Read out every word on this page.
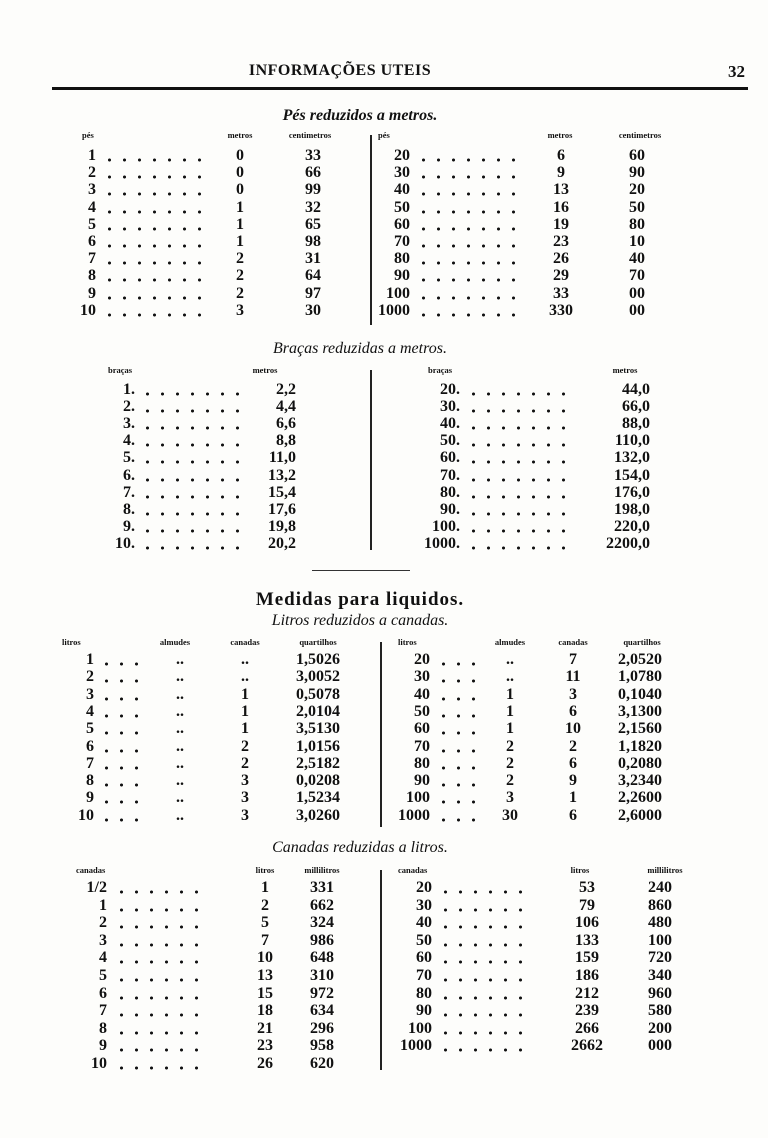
INFORMAÇÕES UTEIS	32
Pés reduzidos a metros.
pés	metros	centimetros
1	0	33
2	0	66
3	0	99
4	1	32
5	1	65
6	1	98
7	2	31
8	2	64
9	2	97
10	3	30
pés	metros	centimetros
20	6	60
30	9	90
40	13	20
50	16	50
60	19	80
70	23	10
80	26	40
90	29	70
100	33	00
1000	330	00
Braças reduzidas a metros.
braças	metros
1.	2,2
2.	4,4
3.	6,6
4.	8,8
5.	11,0
6.	13,2
7.	15,4
8.	17,6
9.	19,8
10.	20,2
braças	metros
20.	44,0
30.	66,0
40.	88,0
50.	110,0
60.	132,0
70.	154,0
80.	176,0
90.	198,0
100.	220,0
1000.	2200,0
Medidas para liquidos.
Litros reduzidos a canadas.
litros	almudes	canadas	quartilhos
1	..	..	1,5026
2	..	..	3,0052
3	..	1	0,5078
4	..	1	2,0104
5	..	1	3,5130
6	..	2	1,0156
7	..	2	2,5182
8	..	3	0,0208
9	..	3	1,5234
10	..	3	3,0260
litros	almudes	canadas	quartilhos
20	..	7	2,0520
30	..	11	1,0780
40	1	3	0,1040
50	1	6	3,1300
60	1	10	2,1560
70	2	2	1,1820
80	2	6	0,2080
90	2	9	3,2340
100	3	1	2,2600
1000	30	6	2,6000
Canadas reduzidas a litros.
canadas	litros	millilitros
1/2	1	331
1	2	662
2	5	324
3	7	986
4	10	648
5	13	310
6	15	972
7	18	634
8	21	296
9	23	958
10	26	620
canadas	litros	millilitros
20	53	240
30	79	860
40	106	480
50	133	100
60	159	720
70	186	340
80	212	960
90	239	580
100	266	200
1000	2662	000
